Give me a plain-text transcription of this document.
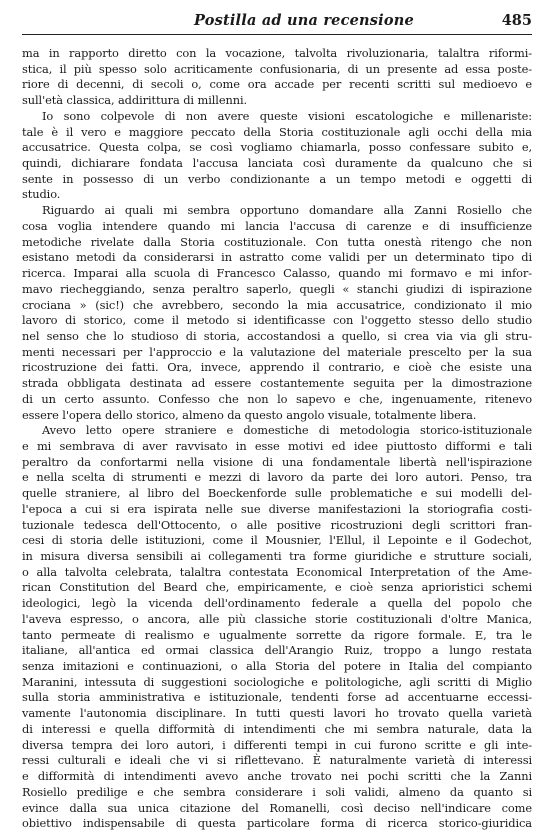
Postilla ad una recensione	485
ma in rapporto diretto con la vocazione, talvolta rivoluzionaria, talaltra riformi-
stica, il più spesso solo acriticamente confusionaria, di un presente ad essa poste-
riore di decenni, di secoli o, come ora accade per recenti scritti sul medioevo e
sull'età classica, addirittura di millenni.
Io sono colpevole di non avere queste visioni escatologiche e millenariste:
tale è il vero e maggiore peccato della Storia costituzionale agli occhi della mia
accusatrice. Questa colpa, se così vogliamo chiamarla, posso confessare subito e,
quindi, dichiarare fondata l'accusa lanciata così duramente da qualcuno che si
sente in possesso di un verbo condizionante a un tempo metodi e oggetti di
studio.
Riguardo ai quali mi sembra opportuno domandare alla Zanni Rosiello che
cosa voglia intendere quando mi lancia l'accusa di carenze e di insufficienze
metodiche rivelate dalla Storia costituzionale. Con tutta onestà ritengo che non
esistano metodi da considerarsi in astratto come validi per un determinato tipo di
ricerca. Imparai alla scuola di Francesco Calasso, quando mi formavo e mi infor-
mavo riecheggiando, senza peraltro saperlo, quegli « stanchi giudizi di ispirazione
crociana » (sic!) che avrebbero, secondo la mia accusatrice, condizionato il mio
lavoro di storico, come il metodo si identificasse con l'oggetto stesso dello studio
nel senso che lo studioso di storia, accostandosi a quello, si crea via via gli stru-
menti necessari per l'approccio e la valutazione del materiale prescelto per la sua
ricostruzione dei fatti. Ora, invece, apprendo il contrario, e cioè che esiste una
strada obbligata destinata ad essere costantemente seguita per la dimostrazione
di un certo assunto. Confesso che non lo sapevo e che, ingenuamente, ritenevo
essere l'opera dello storico, almeno da questo angolo visuale, totalmente libera.
Avevo letto opere straniere e domestiche di metodologia storico-istituzionale
e mi sembrava di aver ravvisato in esse motivi ed idee piuttosto difformi e tali
peraltro da confortarmi nella visione di una fondamentale libertà nell'ispirazione
e nella scelta di strumenti e mezzi di lavoro da parte dei loro autori. Penso, tra
quelle straniere, al libro del Boeckenforde sulle problematiche e sui modelli del-
l'epoca a cui si era ispirata nelle sue diverse manifestazioni la storiografia costi-
tuzionale tedesca dell'Ottocento, o alle positive ricostruzioni degli scrittori fran-
cesi di storia delle istituzioni, come il Mousnier, l'Ellul, il Lepointe e il Godechot,
in misura diversa sensibili ai collegamenti tra forme giuridiche e strutture sociali,
o alla talvolta celebrata, talaltra contestata Economical Interpretation of the Ame-
rican Constitution del Beard che, empiricamente, e cioè senza aprioristici schemi
ideologici, legò la vicenda dell'ordinamento federale a quella del popolo che
l'aveva espresso, o ancora, alle più classiche storie costituzionali d'oltre Manica,
tanto permeate di realismo e ugualmente sorrette da rigore formale. E, tra le
italiane, all'antica ed ormai classica dell'Arangio Ruiz, troppo a lungo restata
senza imitazioni e continuazioni, o alla Storia del potere in Italia del compianto
Maranini, intessuta di suggestioni sociologiche e politologiche, agli scritti di Miglio
sulla storia amministrativa e istituzionale, tendenti forse ad accentuarne eccessi-
vamente l'autonomia disciplinare. In tutti questi lavori ho trovato quella varietà
di interessi e quella difformità di intendimenti che mi sembra naturale, data la
diversa tempra dei loro autori, i differenti tempi in cui furono scritte e gli inte-
ressi culturali e ideali che vi si riflettevano. È naturalmente varietà di interessi
e difformità di intendimenti avevo anche trovato nei pochi scritti che la Zanni
Rosiello predilige e che sembra considerare i soli validi, almeno da quanto si
evince dalla sua unica citazione del Romanelli, così deciso nell'indicare come
obiettivo indispensabile di questa particolare forma di ricerca storico-giuridica
